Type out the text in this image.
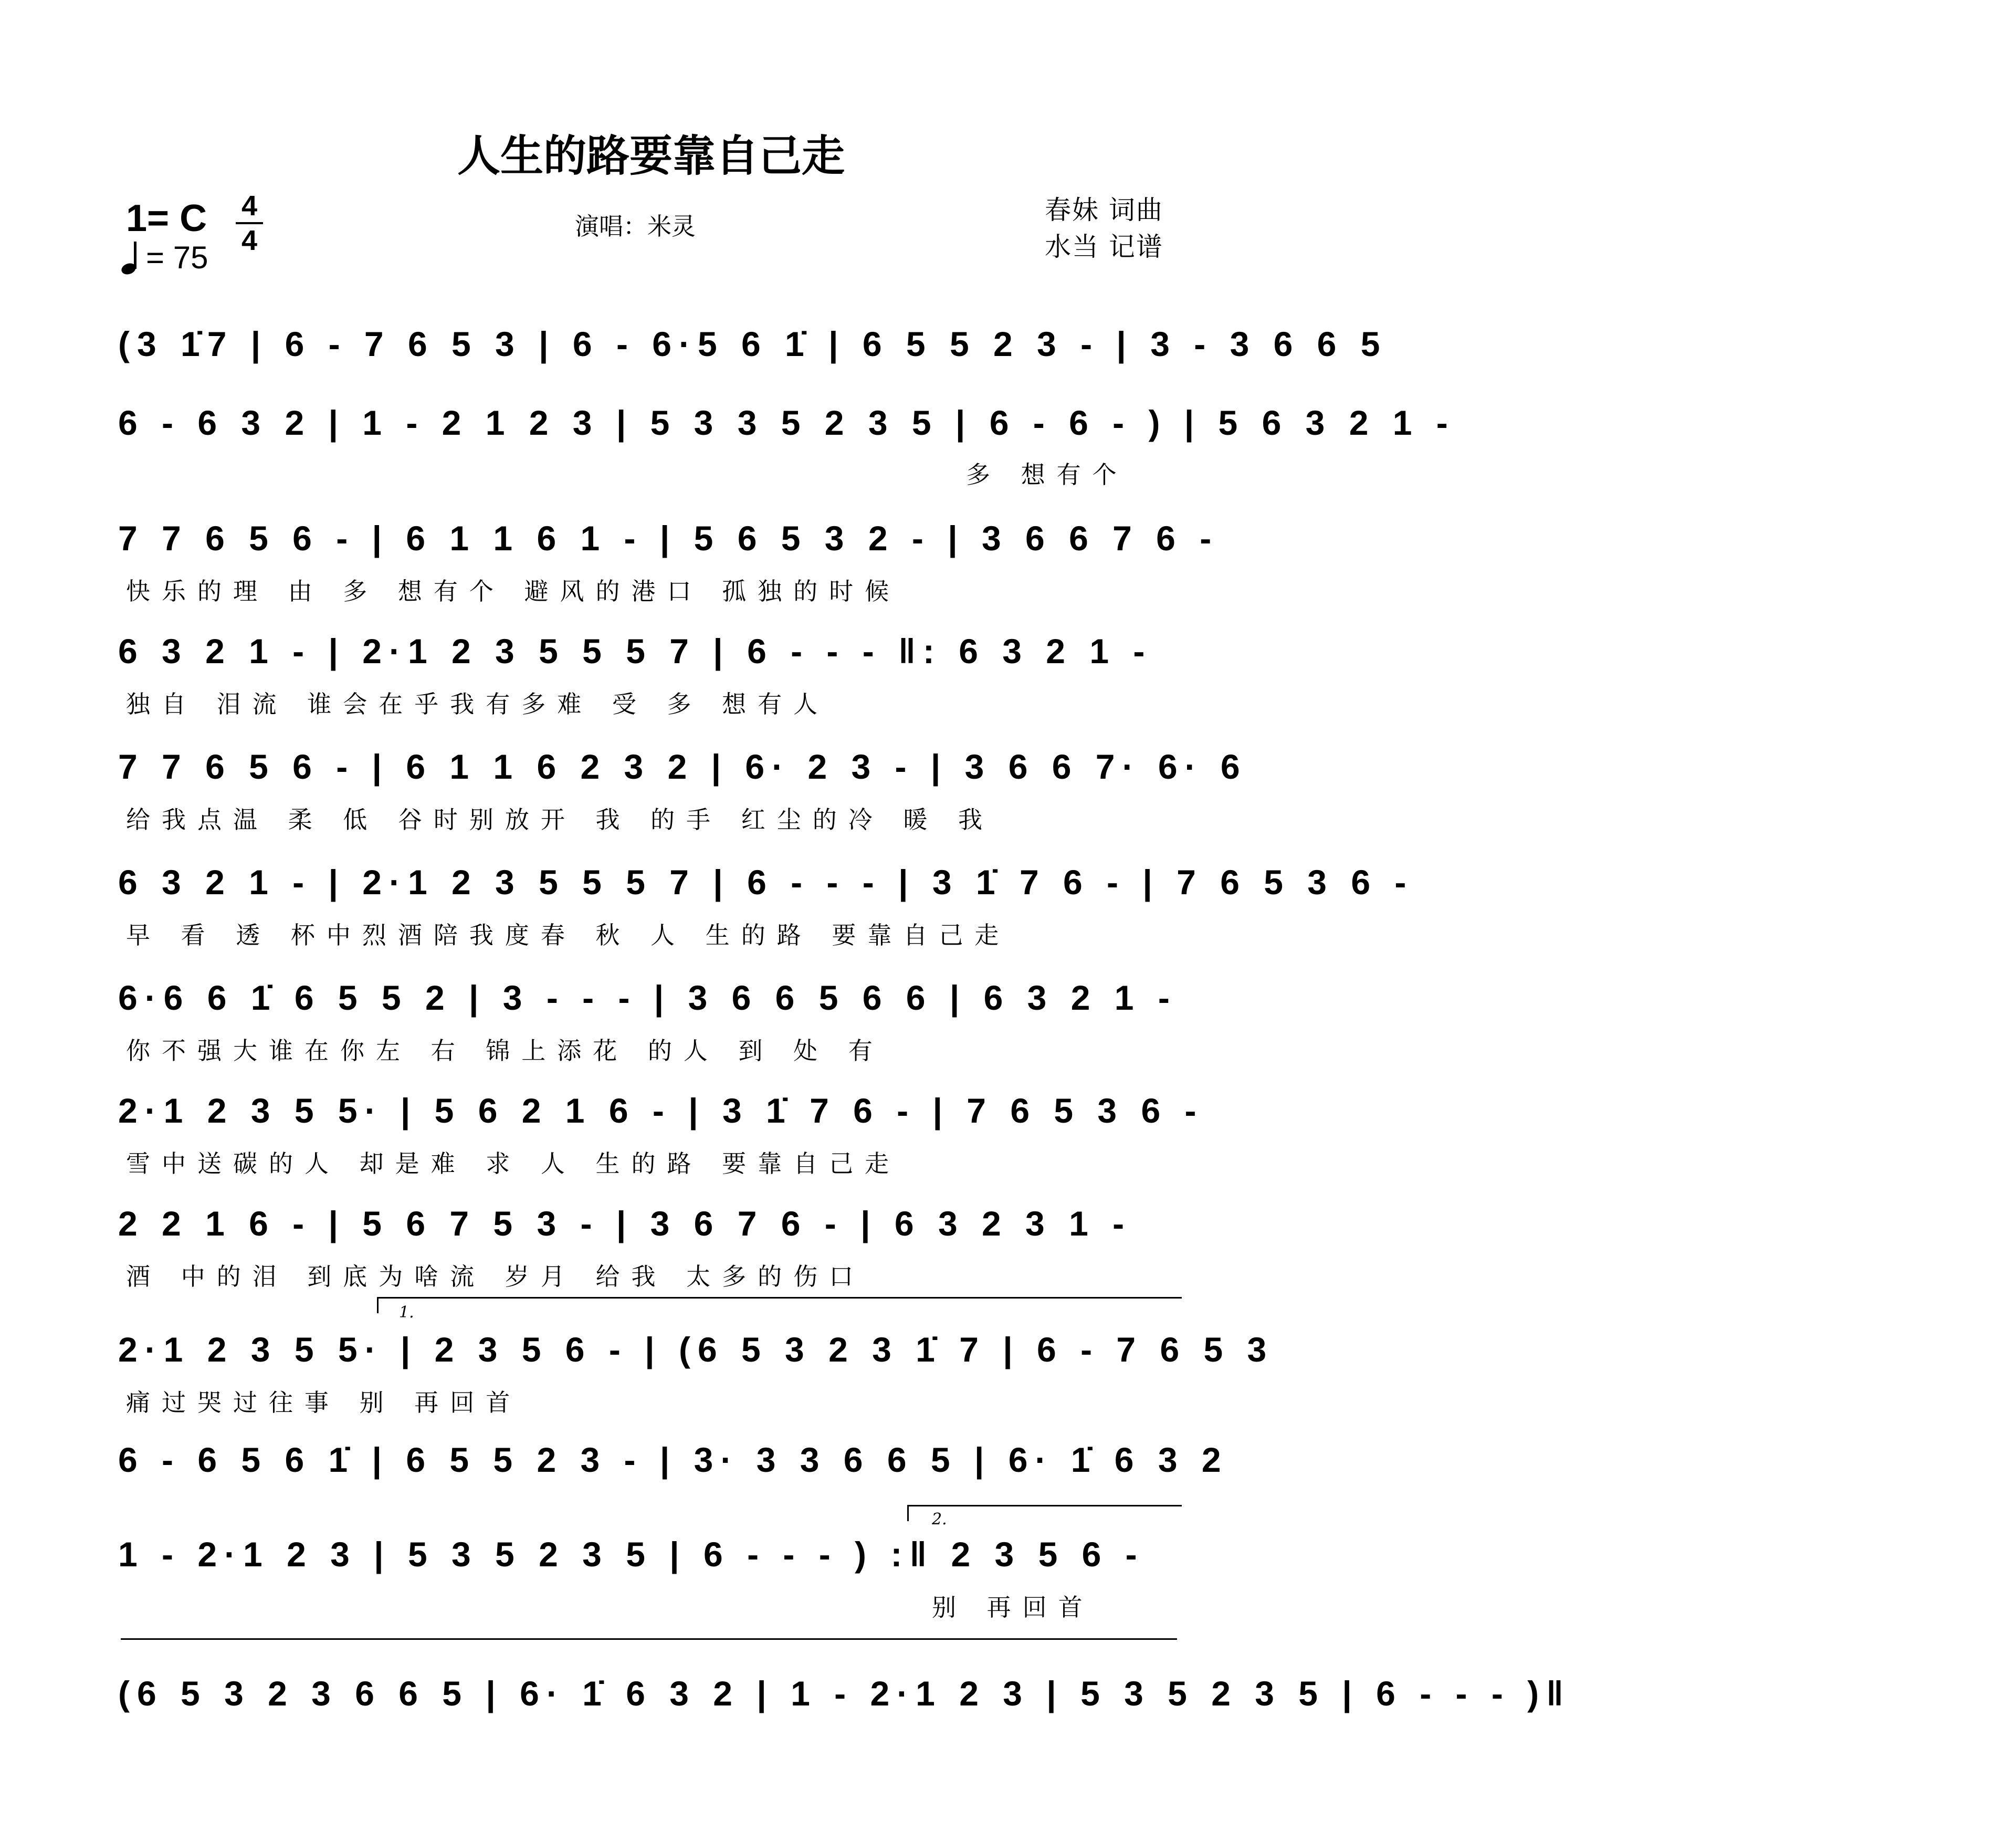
人生的路要靠自己走
1= C 4
4
= 75
演唱：米灵
春妹 词曲
水当 记谱
(3 1̇7 | 6 - 7 6 5 3 | 6 - 6·5 6 1̇ | 6 5 5 2 3 - | 3 - 3 6 6 5
6 - 6 3 2 | 1 - 2 1 2 3 | 5 3 3 5 2 3 5 | 6 - 6 - ) | 5 6 3 2 1 -
多 想有个
7 7 6 5 6 - | 6 1 1 6 1 - | 5 6 5 3 2 - | 3 6 6 7 6 -
快乐的理 由 多 想有个 避风的港口 孤独的时候
6 3 2 1 - | 2·1 2 3 5 5 5 7 | 6 - - - ‖: 6 3 2 1 -
独自 泪流 谁会在乎我有多难 受 多 想有人
7 7 6 5 6 - | 6 1 1 6 2 3 2 | 6· 2 3 - | 3 6 6 7· 6· 6
给我点温 柔 低 谷时别放开 我 的手 红尘的冷 暖 我
6 3 2 1 - | 2·1 2 3 5 5 5 7 | 6 - - - | 3 1̇ 7 6 - | 7 6 5 3 6 -
早 看 透 杯中烈酒陪我度春 秋 人 生的路 要靠自己走
6·6 6 1̇ 6 5 5 2 | 3 - - - | 3 6 6 5 6 6 | 6 3 2 1 -
你不强大谁在你左 右 锦上添花 的人 到 处 有
2·1 2 3 5 5· | 5 6 2 1 6 - | 3 1̇ 7 6 - | 7 6 5 3 6 -
雪中送碳的人 却是难 求 人 生的路 要靠自己走
2 2 1 6 - | 5 6 7 5 3 - | 3 6 7 6 - | 6 3 2 3 1 -
酒 中的泪 到底为啥流 岁月 给我 太多的伤口
1.
2·1 2 3 5 5· | 2 3 5 6 - | (6 5 3 2 3 1̇ 7 | 6 - 7 6 5 3
痛过哭过往事 别 再回首
6 - 6 5 6 1̇ | 6 5 5 2 3 - | 3· 3 3 6 6 5 | 6· 1̇ 6 3 2
2.
1 - 2·1 2 3 | 5 3 5 2 3 5 | 6 - - - ) :‖ 2 3 5 6 -
别 再回首
(6 5 3 2 3 6 6 5 | 6· 1̇ 6 3 2 | 1 - 2·1 2 3 | 5 3 5 2 3 5 | 6 - - - )‖
